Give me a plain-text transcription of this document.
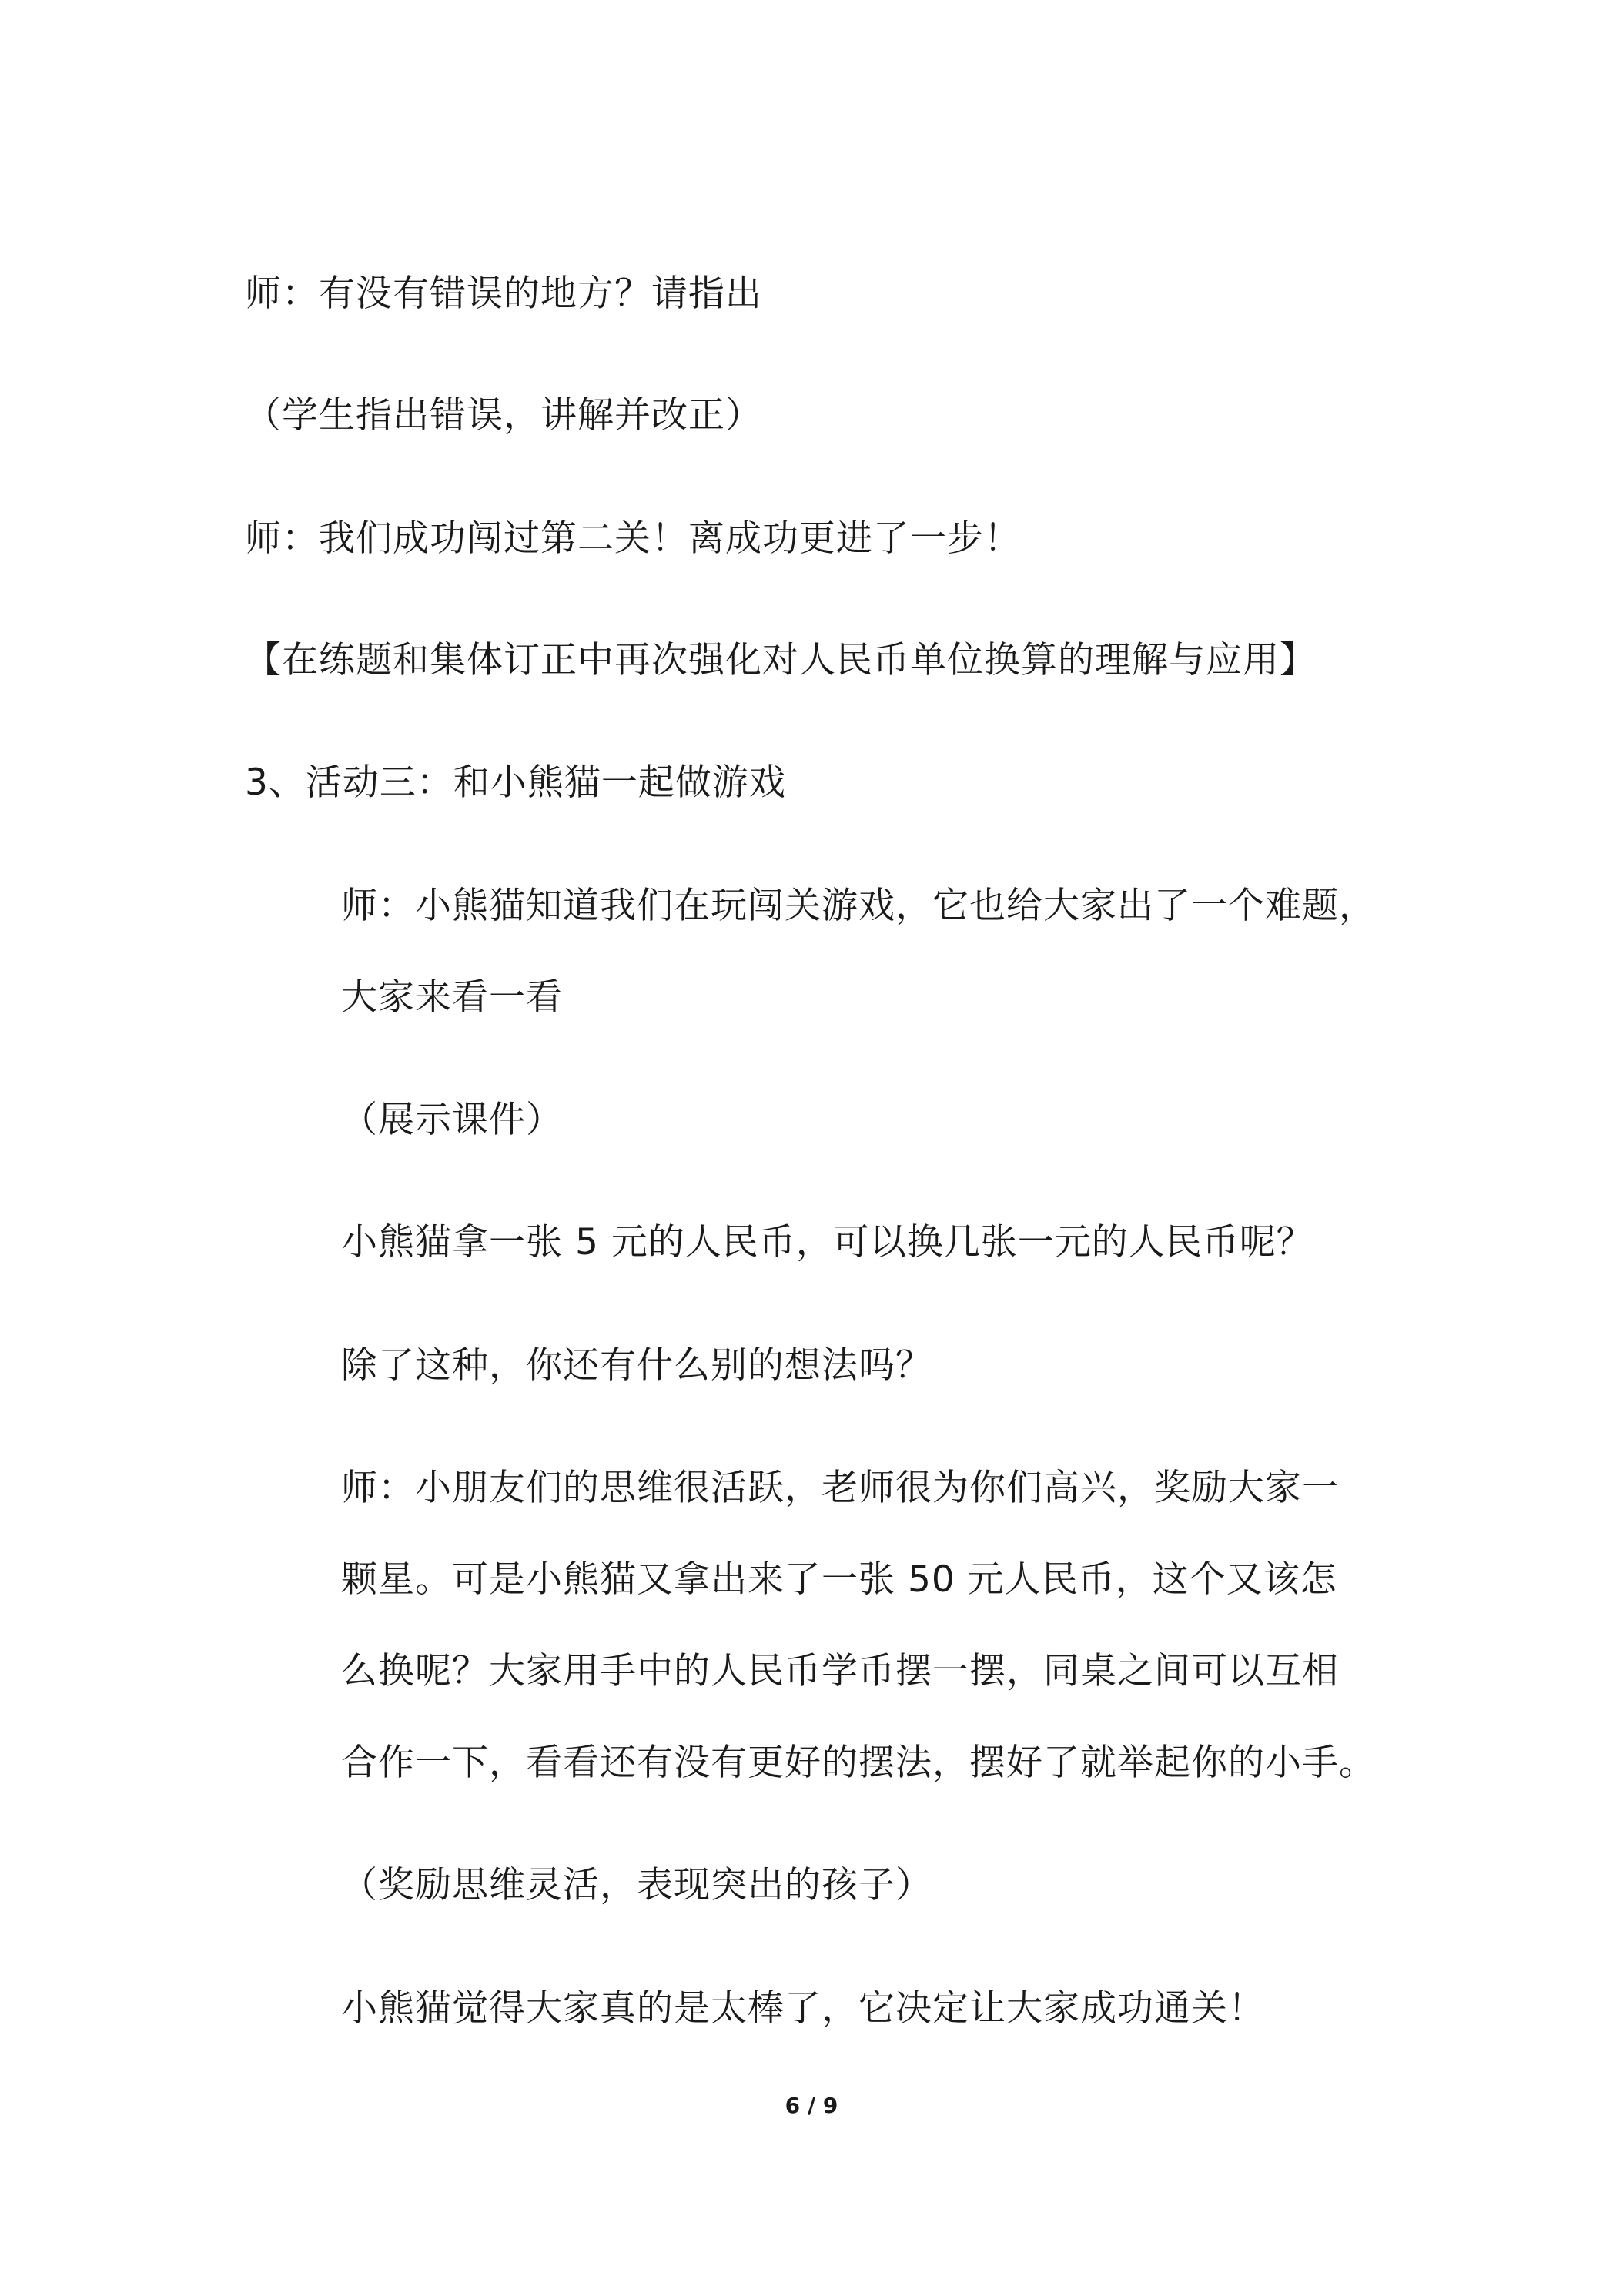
师：有没有错误的地方？请指出
（学生指出错误，讲解并改正）
师：我们成功闯过第二关！离成功更进了一步！
【在练题和集体订正中再次强化对人民币单位换算的理解与应用】
3、活动三：和小熊猫一起做游戏
师：小熊猫知道我们在玩闯关游戏，它也给大家出了一个难题，
大家来看一看
（展示课件）
小熊猫拿一张 5 元的人民币，可以换几张一元的人民币呢？
除了这种，你还有什么别的想法吗？
师：小朋友们的思维很活跃，老师很为你们高兴，奖励大家一
颗星。可是小熊猫又拿出来了一张 50 元人民币，这个又该怎
么换呢？大家用手中的人民币学币摆一摆，同桌之间可以互相
合作一下，看看还有没有更好的摆法，摆好了就举起你的小手。
（奖励思维灵活，表现突出的孩子）
小熊猫觉得大家真的是太棒了，它决定让大家成功通关！
6 / 9
